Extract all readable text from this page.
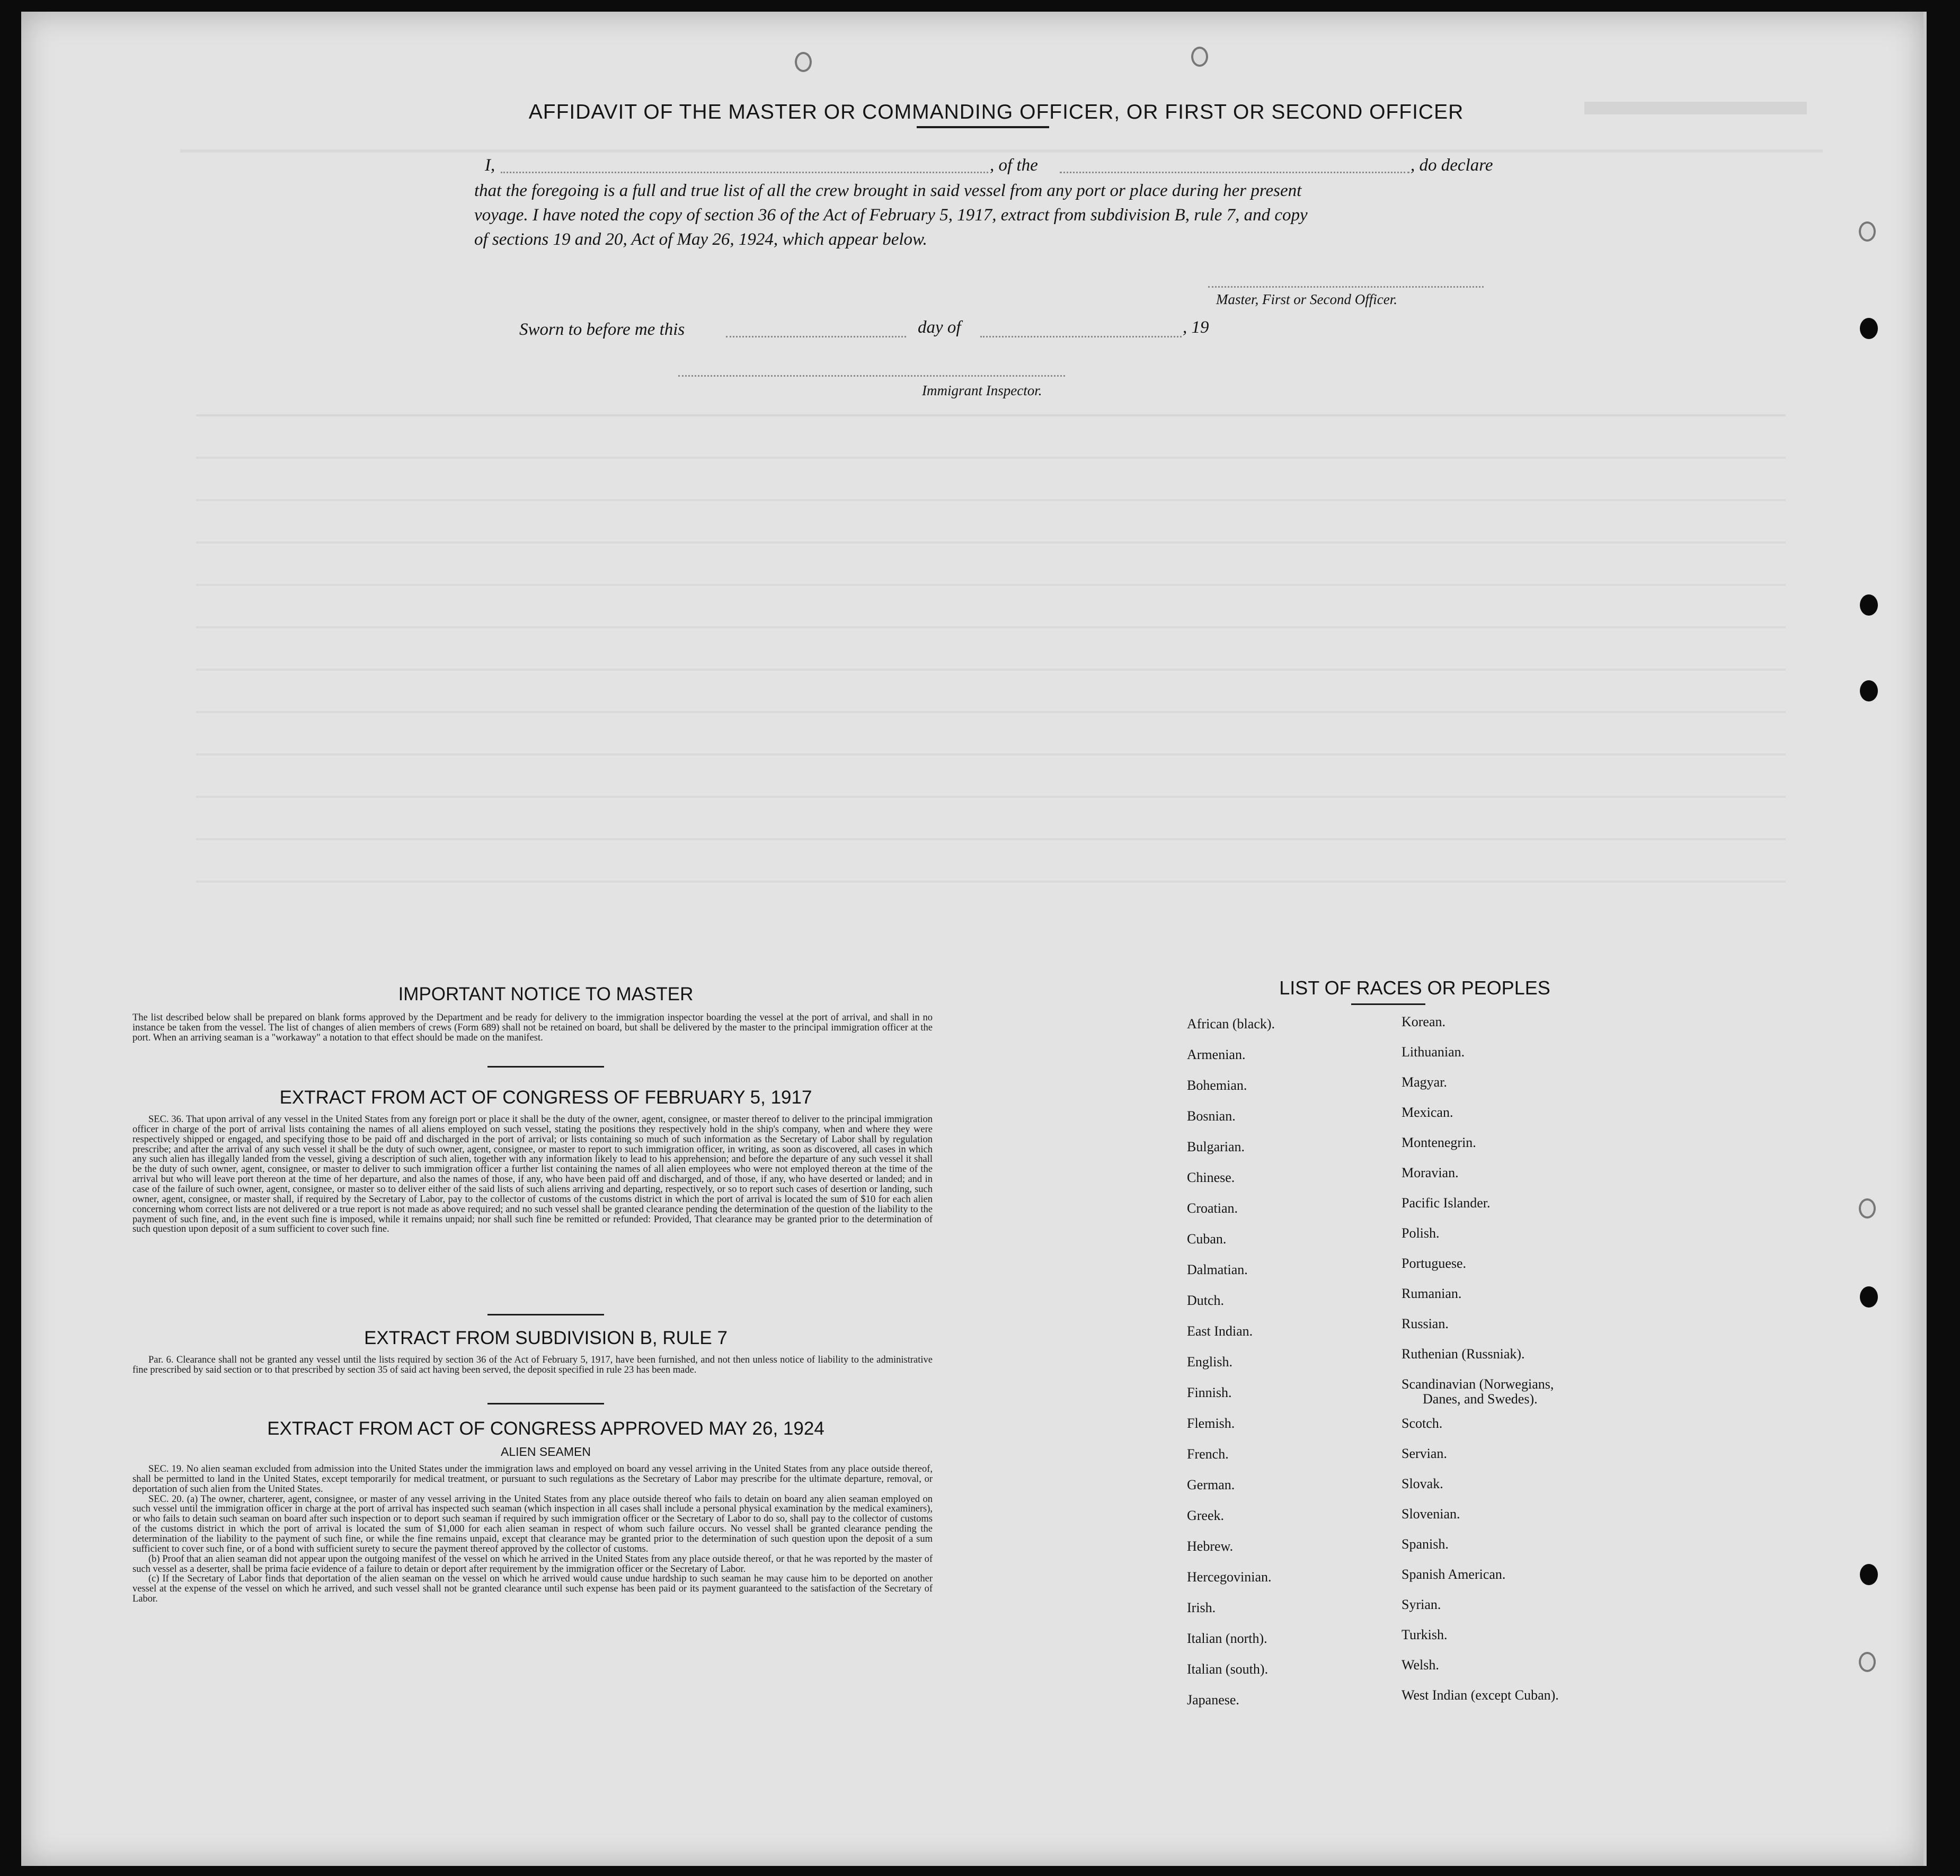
AFFIDAVIT OF THE MASTER OR COMMANDING OFFICER, OR FIRST OR SECOND OFFICER
I,	, of the	, do declare
that the foregoing is a full and true list of all the crew brought in said vessel from any port or place during her present
voyage. I have noted the copy of section 36 of the Act of February 5, 1917, extract from subdivision B, rule 7, and copy
of sections 19 and 20, Act of May 26, 1924, which appear below.
Master, First or Second Officer.
Sworn to before me this	day of	, 19
Immigrant Inspector.
IMPORTANT NOTICE TO MASTER
The list described below shall be prepared on blank forms approved by the Department and be ready for delivery to the immigration inspector boarding the vessel at the port of arrival, and shall in no instance be taken from the vessel. The list of changes of alien members of crews (Form 689) shall not be retained on board, but shall be delivered by the master to the principal immigration officer at the port. When an arriving seaman is a "workaway" a notation to that effect should be made on the manifest.
EXTRACT FROM ACT OF CONGRESS OF FEBRUARY 5, 1917

SEC. 36. That upon arrival of any vessel in the United States from any foreign port or place it shall be the duty of the owner, agent, consignee, or master thereof to deliver to the principal immigration officer in charge of the port of arrival lists containing the names of all aliens employed on such vessel, stating the positions they respectively hold in the ship's company, when and where they were respectively shipped or engaged, and specifying those to be paid off and discharged in the port of arrival; or lists containing so much of such information as the Secretary of Labor shall by regulation prescribe; and after the arrival of any such vessel it shall be the duty of such owner, agent, consignee, or master to report to such immigration officer, in writing, as soon as discovered, all cases in which any such alien has illegally landed from the vessel, giving a description of such alien, together with any information likely to lead to his apprehension; and before the departure of any such vessel it shall be the duty of such owner, agent, consignee, or master to deliver to such immigration officer a further list containing the names of all alien employees who were not employed thereon at the time of the arrival but who will leave port thereon at the time of her departure, and also the names of those, if any, who have been paid off and discharged, and of those, if any, who have deserted or landed; and in case of the failure of such owner, agent, consignee, or master so to deliver either of the said lists of such aliens arriving and departing, respectively, or so to report such cases of desertion or landing, such owner, agent, consignee, or master shall, if required by the Secretary of Labor, pay to the collector of customs of the customs district in which the port of arrival is located the sum of $10 for each alien concerning whom correct lists are not delivered or a true report is not made as above required; and no such vessel shall be granted clearance pending the determination of the question of the liability to the payment of such fine, and, in the event such fine is imposed, while it remains unpaid; nor shall such fine be remitted or refunded: Provided, That clearance may be granted prior to the determination of such question upon deposit of a sum sufficient to cover such fine.

EXTRACT FROM SUBDIVISION B, RULE 7

Par. 6. Clearance shall not be granted any vessel until the lists required by section 36 of the Act of February 5, 1917, have been furnished, and not then unless notice of liability to the administrative fine prescribed by said section or to that prescribed by section 35 of said act having been served, the deposit specified in rule 23 has been made.

EXTRACT FROM ACT OF CONGRESS APPROVED MAY 26, 1924
ALIEN SEAMEN

SEC. 19. No alien seaman excluded from admission into the United States under the immigration laws and employed on board any vessel arriving in the United States from any place outside thereof, shall be permitted to land in the United States, except temporarily for medical treatment, or pursuant to such regulations as the Secretary of Labor may prescribe for the ultimate departure, removal, or deportation of such alien from the United States.

SEC. 20. (a) The owner, charterer, agent, consignee, or master of any vessel arriving in the United States from any place outside thereof who fails to detain on board any alien seaman employed on such vessel until the immigration officer in charge at the port of arrival has inspected such seaman (which inspection in all cases shall include a personal physical examination by the medical examiners), or who fails to detain such seaman on board after such inspection or to deport such seaman if required by such immigration officer or the Secretary of Labor to do so, shall pay to the collector of customs of the customs district in which the port of arrival is located the sum of $1,000 for each alien seaman in respect of whom such failure occurs. No vessel shall be granted clearance pending the determination of the liability to the payment of such fine, or while the fine remains unpaid, except that clearance may be granted prior to the determination of such question upon the deposit of a sum sufficient to cover such fine, or of a bond with sufficient surety to secure the payment thereof approved by the collector of customs.

(b) Proof that an alien seaman did not appear upon the outgoing manifest of the vessel on which he arrived in the United States from any place outside thereof, or that he was reported by the master of such vessel as a deserter, shall be prima facie evidence of a failure to detain or deport after requirement by the immigration officer or the Secretary of Labor.

(c) If the Secretary of Labor finds that deportation of the alien seaman on the vessel on which he arrived would cause undue hardship to such seaman he may cause him to be deported on another vessel at the expense of the vessel on which he arrived, and such vessel shall not be granted clearance until such expense has been paid or its payment guaranteed to the satisfaction of the Secretary of Labor.

LIST OF RACES OR PEOPLES
African (black).
Armenian.
Bohemian.
Bosnian.
Bulgarian.
Chinese.
Croatian.
Cuban.
Dalmatian.
Dutch.
East Indian.
English.
Finnish.
Flemish.
French.
German.
Greek.
Hebrew.
Hercegovinian.
Irish.
Italian (north).
Italian (south).
Japanese.
Korean.
Lithuanian.
Magyar.
Mexican.
Montenegrin.
Moravian.
Pacific Islander.
Polish.
Portuguese.
Rumanian.
Russian.
Ruthenian (Russniak).
Scandinavian (Norwegians,
Danes, and Swedes).
Scotch.
Servian.
Slovak.
Slovenian.
Spanish.
Spanish American.
Syrian.
Turkish.
Welsh.
West Indian (except Cuban).
